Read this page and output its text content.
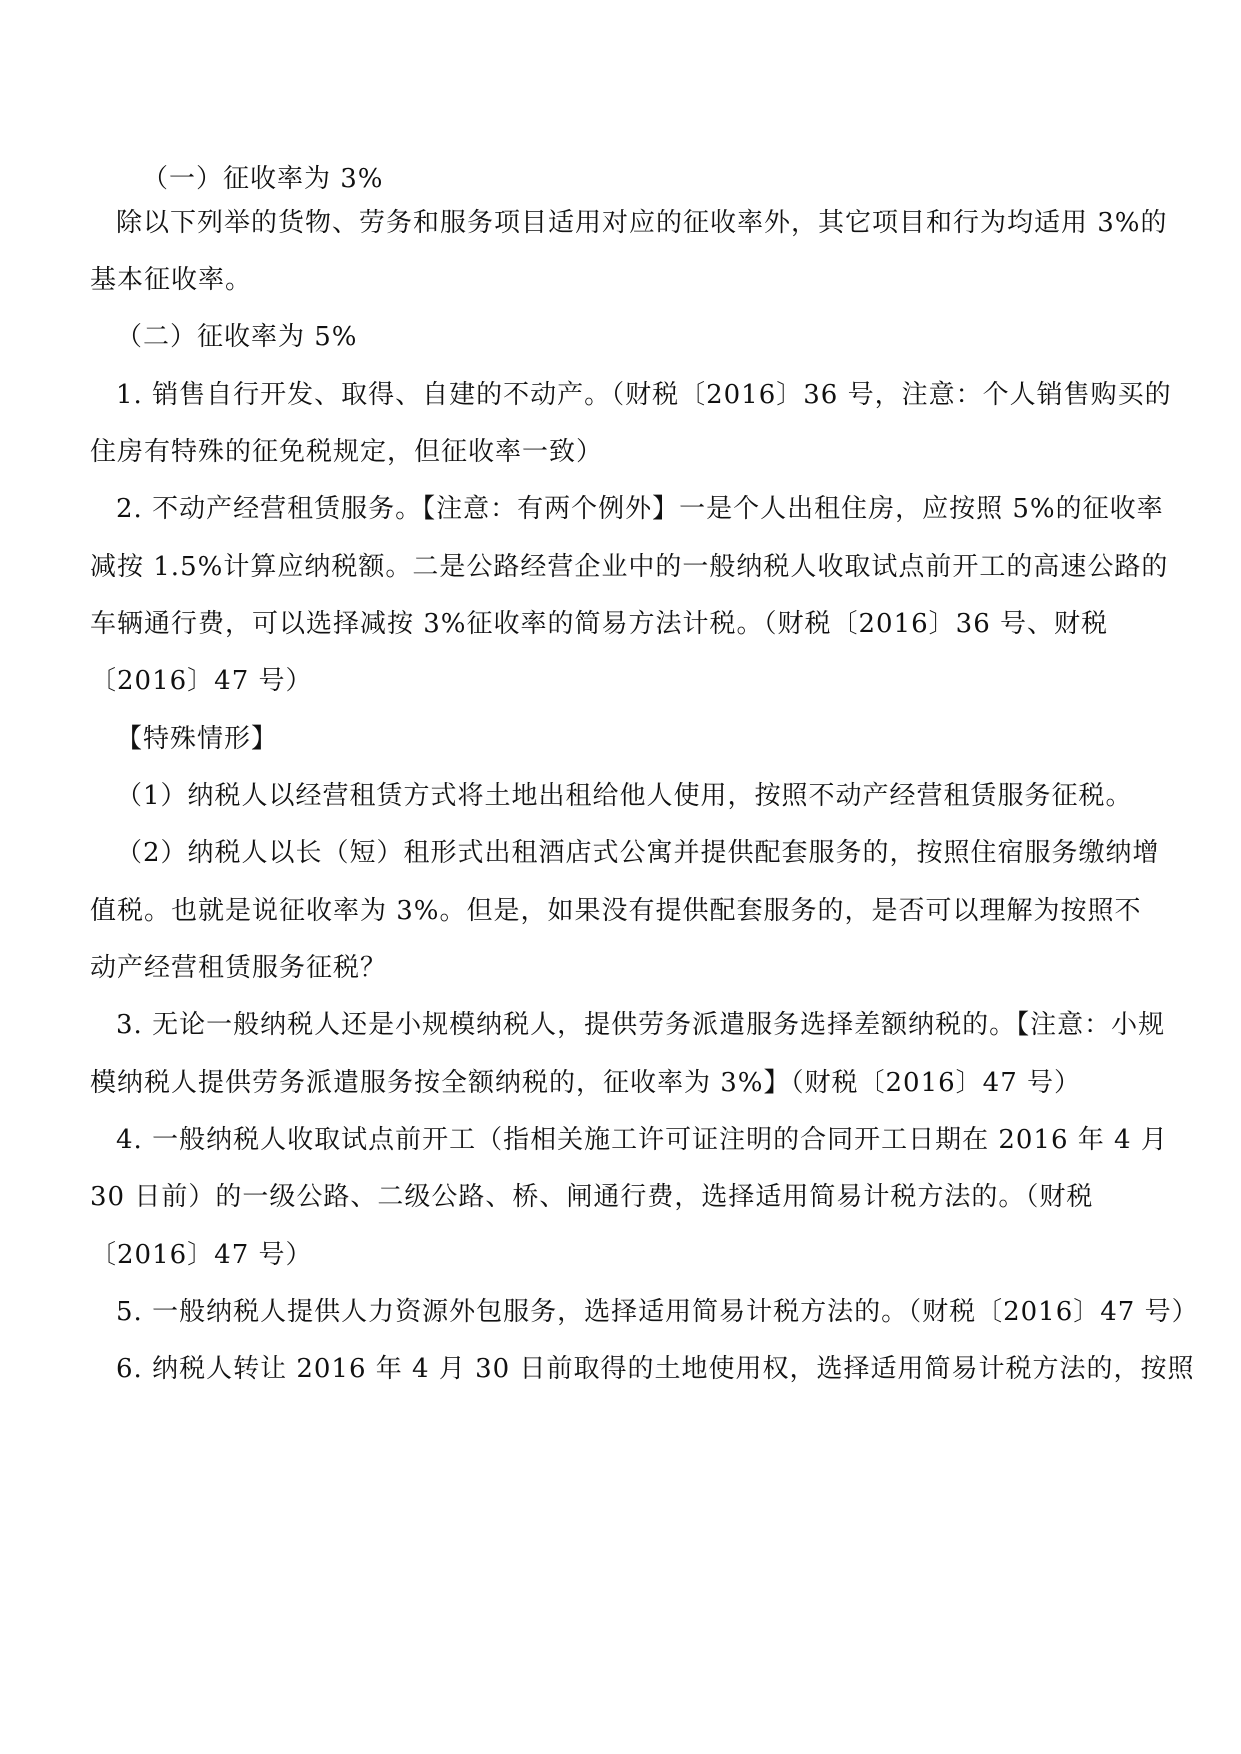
（一）征收率为 3%

除以下列举的货物、劳务和服务项目适用对应的征收率外，其它项目和行为均适用 3%的

基本征收率。

（二）征收率为 5%

1. 销售自行开发、取得、自建的不动产。（财税〔2016〕36 号，注意：个人销售购买的

住房有特殊的征免税规定，但征收率一致）

2. 不动产经营租赁服务。【注意：有两个例外】一是个人出租住房，应按照 5%的征收率

减按 1.5%计算应纳税额。二是公路经营企业中的一般纳税人收取试点前开工的高速公路的

车辆通行费，可以选择减按 3%征收率的简易方法计税。（财税〔2016〕36 号、财税

〔2016〕47 号）

【特殊情形】

（1）纳税人以经营租赁方式将土地出租给他人使用，按照不动产经营租赁服务征税。

（2）纳税人以长（短）租形式出租酒店式公寓并提供配套服务的，按照住宿服务缴纳增

值税。也就是说征收率为 3%。但是，如果没有提供配套服务的，是否可以理解为按照不

动产经营租赁服务征税？

3. 无论一般纳税人还是小规模纳税人，提供劳务派遣服务选择差额纳税的。【注意：小规

模纳税人提供劳务派遣服务按全额纳税的，征收率为 3%】（财税〔2016〕47 号）

4. 一般纳税人收取试点前开工（指相关施工许可证注明的合同开工日期在 2016 年 4 月

30 日前）的一级公路、二级公路、桥、闸通行费，选择适用简易计税方法的。（财税

〔2016〕47 号）

5. 一般纳税人提供人力资源外包服务，选择适用简易计税方法的。（财税〔2016〕47 号）

6. 纳税人转让 2016 年 4 月 30 日前取得的土地使用权，选择适用简易计税方法的，按照
